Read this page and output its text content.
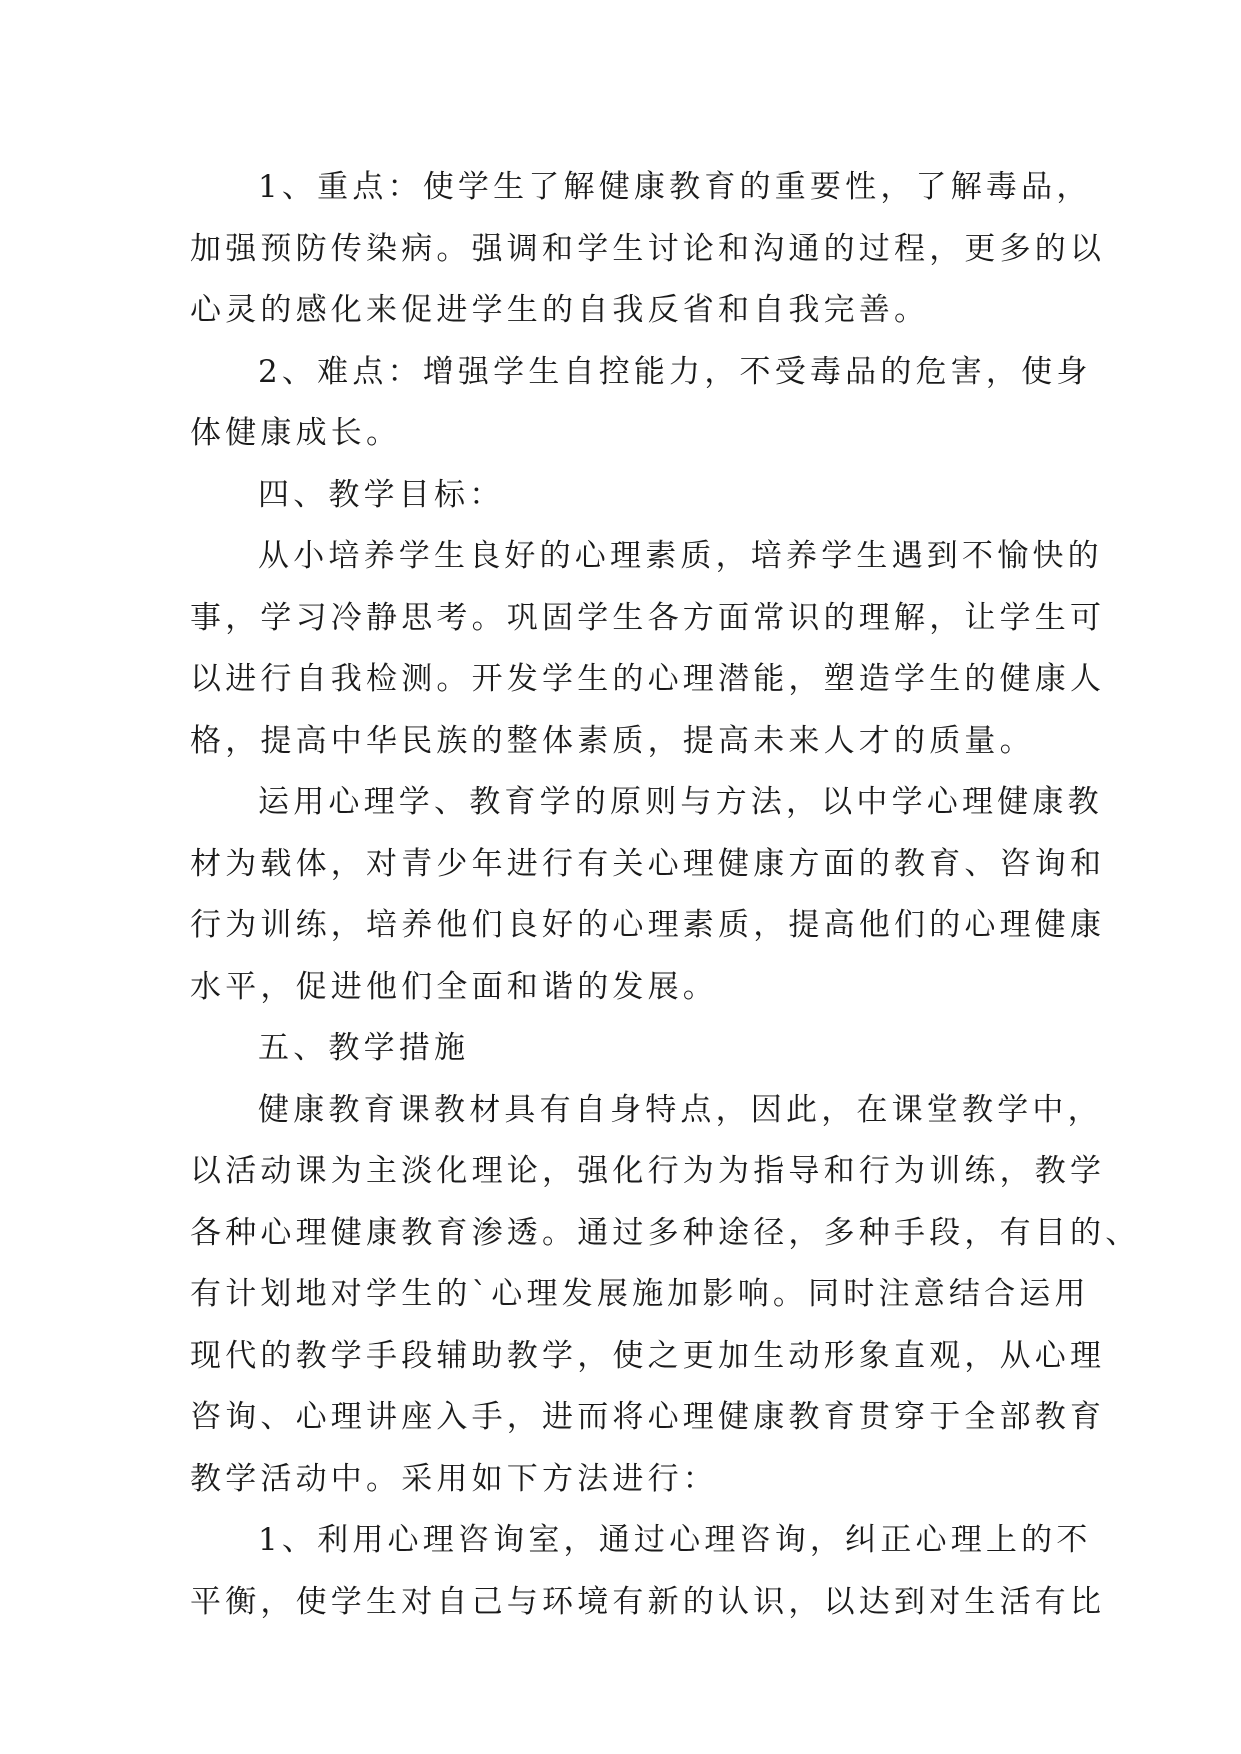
1、重点：使学生了解健康教育的重要性，了解毒品，
加强预防传染病。强调和学生讨论和沟通的过程，更多的以
心灵的感化来促进学生的自我反省和自我完善。
2、难点：增强学生自控能力，不受毒品的危害，使身
体健康成长。
四、教学目标：
从小培养学生良好的心理素质，培养学生遇到不愉快的
事，学习冷静思考。巩固学生各方面常识的理解，让学生可
以进行自我检测。开发学生的心理潜能，塑造学生的健康人
格，提高中华民族的整体素质，提高未来人才的质量。
运用心理学、教育学的原则与方法，以中学心理健康教
材为载体，对青少年进行有关心理健康方面的教育、咨询和
行为训练，培养他们良好的心理素质，提高他们的心理健康
水平，促进他们全面和谐的发展。
五、教学措施
健康教育课教材具有自身特点，因此，在课堂教学中，
以活动课为主淡化理论，强化行为为指导和行为训练，教学
各种心理健康教育渗透。通过多种途径，多种手段，有目的、
有计划地对学生的`心理发展施加影响。同时注意结合运用
现代的教学手段辅助教学，使之更加生动形象直观，从心理
咨询、心理讲座入手，进而将心理健康教育贯穿于全部教育
教学活动中。采用如下方法进行：
1、利用心理咨询室，通过心理咨询，纠正心理上的不
平衡，使学生对自己与环境有新的认识，以达到对生活有比
